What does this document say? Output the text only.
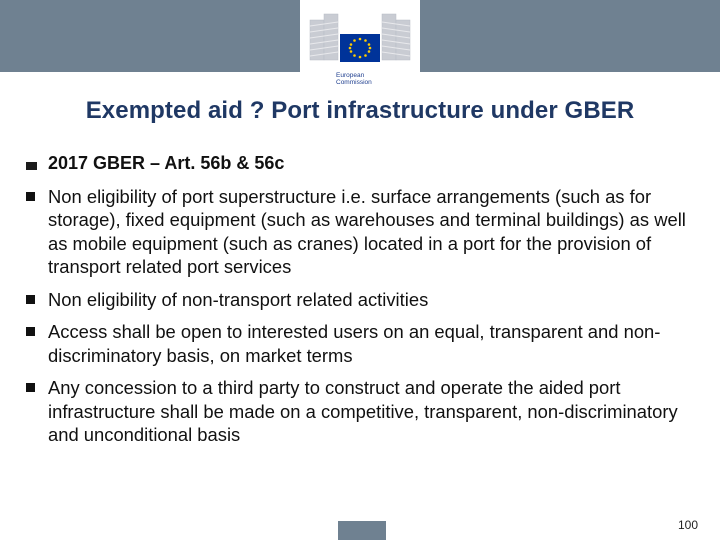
European
Commission
Exempted aid ? Port infrastructure under GBER
2017 GBER – Art. 56b & 56c
Non eligibility of port superstructure i.e. surface arrangements (such as for storage), fixed equipment (such as warehouses and terminal buildings) as well as mobile equipment (such as cranes) located in a port for the provision of transport related port services
Non eligibility of non-transport related activities
Access shall be open to interested users on an equal, transparent and non-discriminatory basis, on market terms
Any concession to a third party to construct and operate the aided port infrastructure shall be made on a competitive, transparent, non-discriminatory and unconditional basis
100
